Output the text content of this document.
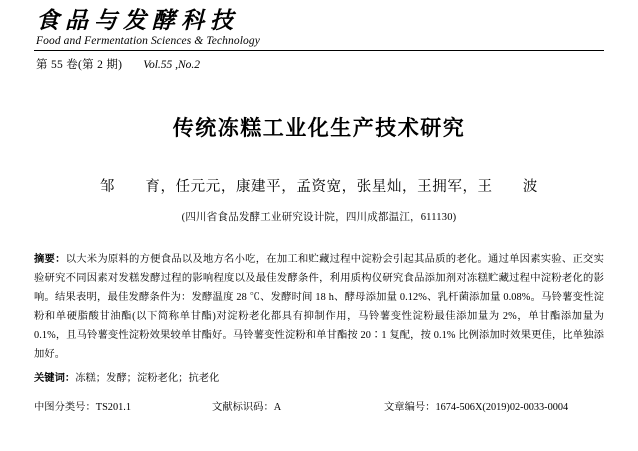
食品与发酵科技
Food and Fermentation Sciences & Technology
第 55 卷(第 2 期) Vol.55 ,No.2
传统冻糕工业化生产技术研究
邹　　育，任元元，康建平，孟资宽，张星灿，王拥军，王　　波
(四川省食品发酵工业研究设计院，四川成都温江，611130)
摘要：以大米为原料的方便食品以及地方名小吃，在加工和贮藏过程中淀粉会引起其品质的老化。通过单因素实验、正交实验研究不同因素对发糕发酵过程的影响程度以及最佳发酵条件，利用质构仪研究食品添加剂对冻糕贮藏过程中淀粉老化的影响。结果表明，最佳发酵条件为：发酵温度 28 ℃、发酵时间 18 h、酵母添加量 0.12%、乳杆菌添加量 0.08%。马铃薯变性淀粉和单硬脂酸甘油酯(以下简称单甘酯)对淀粉老化都具有抑制作用，马铃薯变性淀粉最佳添加量为 2%，单甘酯添加量为 0.1%，且马铃薯变性淀粉效果较单甘酯好。马铃薯变性淀粉和单甘酯按 20∶1 复配，按 0.1% 比例添加时效果更佳，比单独添加好。
关键词：冻糕；发酵；淀粉老化；抗老化
中图分类号：TS201.1	文献标识码：A	文章编号：1674-506X(2019)02-0033-0004
